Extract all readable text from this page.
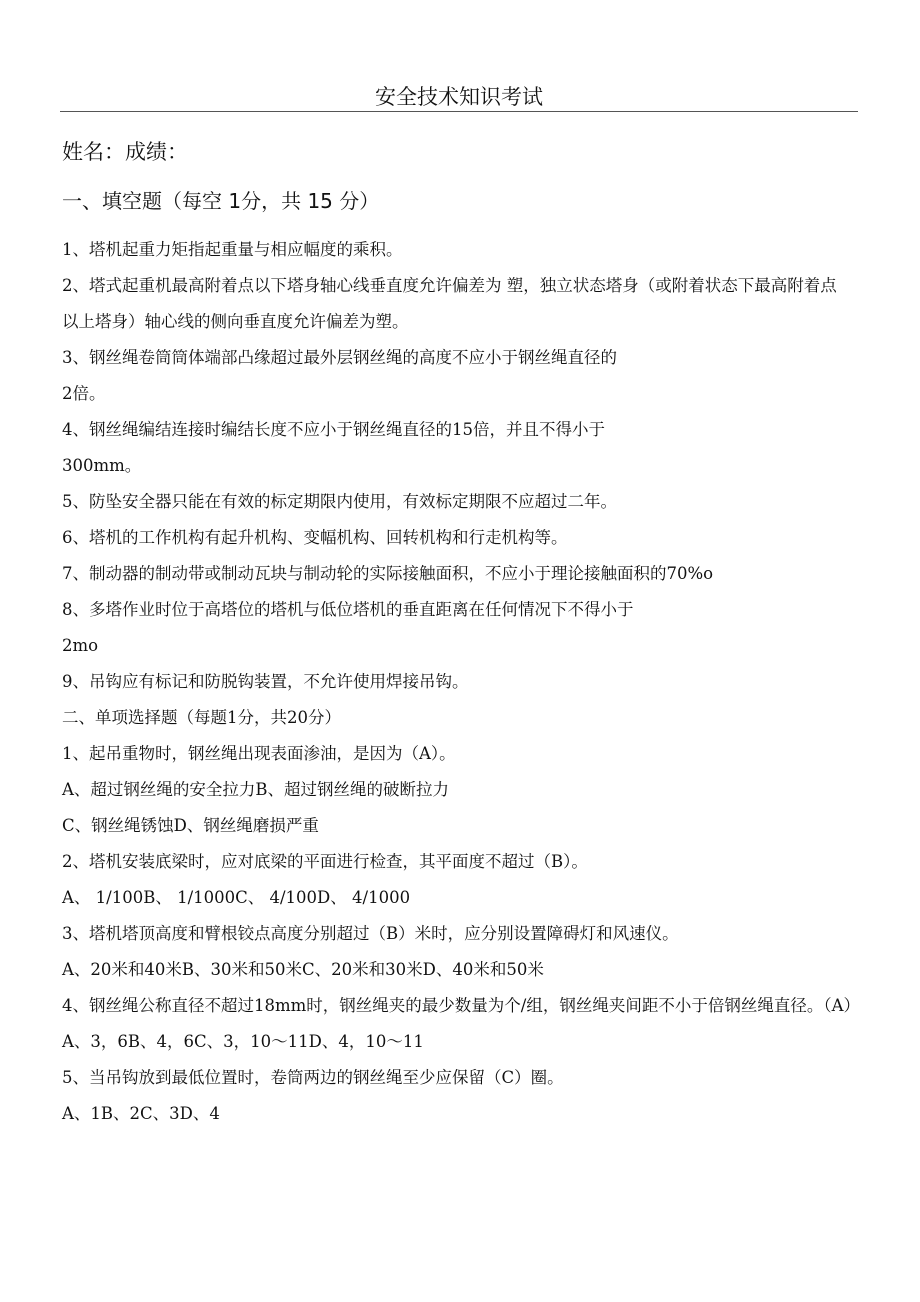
安全技术知识考试
姓名：成绩：
一、填空题（每空 1分，共 15 分）

1、塔机起重力矩指起重量与相应幅度的乘积。

2、塔式起重机最高附着点以下塔身轴心线垂直度允许偏差为 塑，独立状态塔身（或附着状态下最高附着点以上塔身）轴心线的侧向垂直度允许偏差为塑。

3、钢丝绳卷筒筒体端部凸缘超过最外层钢丝绳的高度不应小于钢丝绳直径的

2倍。

4、钢丝绳编结连接时编结长度不应小于钢丝绳直径的15倍，并且不得小于

300mm。

5、防坠安全器只能在有效的标定期限内使用，有效标定期限不应超过二年。

6、塔机的工作机构有起升机构、变幅机构、回转机构和行走机构等。

7、制动器的制动带或制动瓦块与制动轮的实际接触面积，不应小于理论接触面积的70%o

8、多塔作业时位于高塔位的塔机与低位塔机的垂直距离在任何情况下不得小于

2mo

9、吊钩应有标记和防脱钩装置，不允许使用焊接吊钩。

二、单项选择题（每题1分，共20分）

1、起吊重物时，钢丝绳出现表面渗油，是因为（A）。

A、超过钢丝绳的安全拉力B、超过钢丝绳的破断拉力

C、钢丝绳锈蚀D、钢丝绳磨损严重

2、塔机安装底梁时，应对底梁的平面进行检查，其平面度不超过（B）。

A、 1/100B、 1/1000C、 4/100D、 4/1000

3、塔机塔顶高度和臂根铰点高度分别超过（B）米时，应分别设置障碍灯和风速仪。

A、20米和40米B、30米和50米C、20米和30米D、40米和50米

4、钢丝绳公称直径不超过18mm时，钢丝绳夹的最少数量为个/组，钢丝绳夹间距不小于倍钢丝绳直径。（A）

A、3，6B、4，6C、3，10〜11D、4，10〜11

5、当吊钩放到最低位置时，卷筒两边的钢丝绳至少应保留（C）圈。

A、1B、2C、3D、4
